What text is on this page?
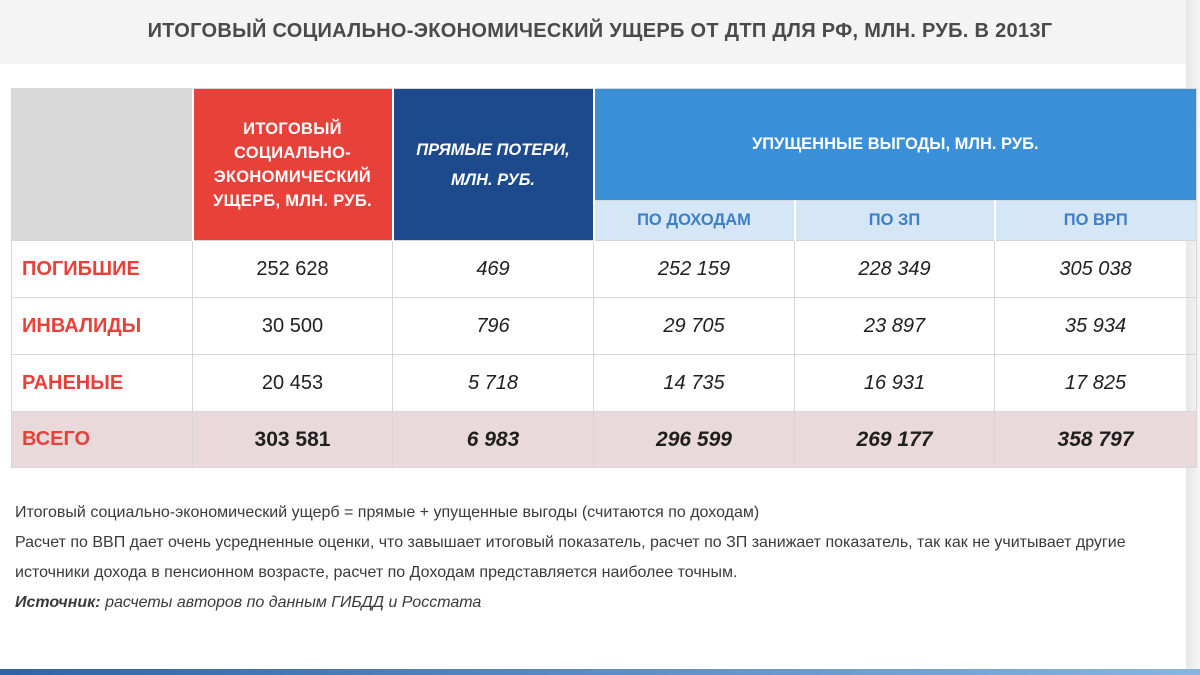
ИТОГОВЫЙ СОЦИАЛЬНО-ЭКОНОМИЧЕСКИЙ УЩЕРБ ОТ ДТП ДЛЯ РФ, МЛН. РУБ. В 2013Г
	ИТОГОВЫЙ
СОЦИАЛЬНО-
ЭКОНОМИЧЕСКИЙ
УЩЕРБ, МЛН. РУБ.	ПРЯМЫЕ ПОТЕРИ,
МЛН. РУБ.	УПУЩЕННЫЕ ВЫГОДЫ, МЛН. РУБ.		
			ПО ДОХОДАМ	ПО ЗП	ПО ВРП
ПОГИБШИЕ	252 628	469	252 159	228 349	305 038
ИНВАЛИДЫ	30 500	796	29 705	23 897	35 934
РАНЕНЫЕ	20 453	5 718	14 735	16 931	17 825
ВСЕГО	303 581	6 983	296 599	269 177	358 797

Итоговый социально-экономический ущерб = прямые + упущенные выгоды (считаются по доходам)

Расчет по ВВП дает очень усредненные оценки, что завышает итоговый показатель, расчет по ЗП занижает показатель, так как не учитывает другие источники дохода в пенсионном возрасте, расчет по Доходам представляется наиболее точным.

Источник: расчеты авторов по данным ГИБДД и Росстата
